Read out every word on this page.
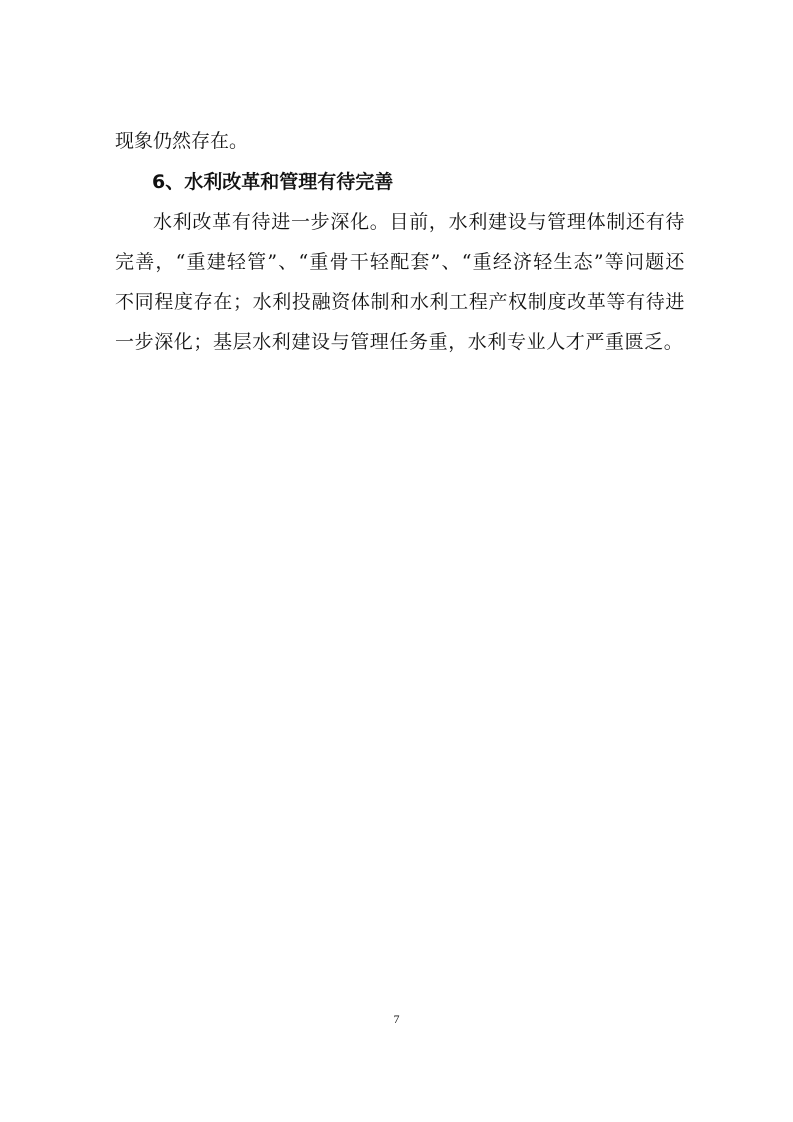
现象仍然存在。

6、水利改革和管理有待完善

水利改革有待进一步深化。目前，水利建设与管理体制还有待完善，“重建轻管”、“重骨干轻配套”、“重经济轻生态”等问题还不同程度存在；水利投融资体制和水利工程产权制度改革等有待进一步深化；基层水利建设与管理任务重，水利专业人才严重匮乏。

7
